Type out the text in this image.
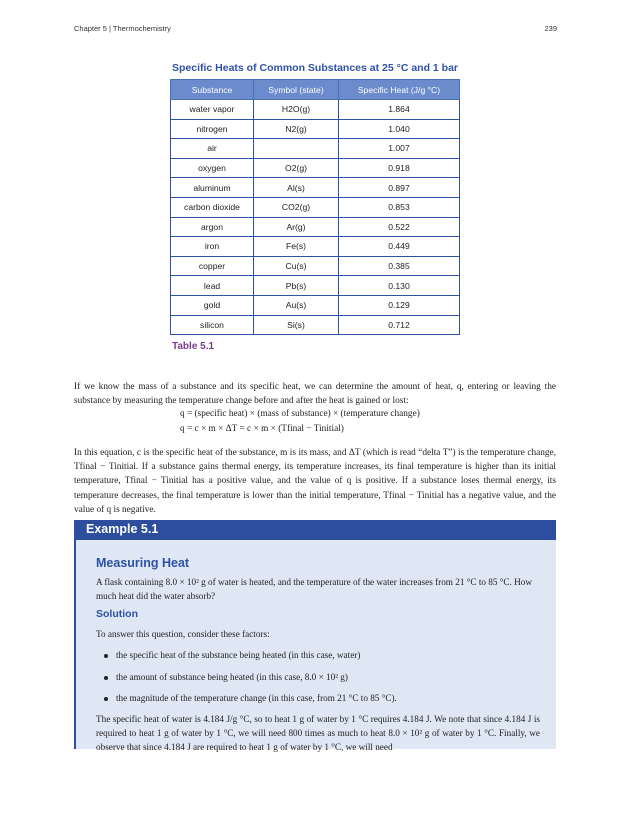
Chapter 5 | Thermochemistry	239
Specific Heats of Common Substances at 25 °C and 1 bar
Substance	Symbol (state)	Specific Heat (J/g °C)
water vapor	H2O(g)	1.864
nitrogen	N2(g)	1.040
air		1.007
oxygen	O2(g)	0.918
aluminum	Al(s)	0.897
carbon dioxide	CO2(g)	0.853
argon	Ar(g)	0.522
iron	Fe(s)	0.449
copper	Cu(s)	0.385
lead	Pb(s)	0.130
gold	Au(s)	0.129
silicon	Si(s)	0.712
Table 5.1
If we know the mass of a substance and its specific heat, we can determine the amount of heat, q, entering or leaving the substance by measuring the temperature change before and after the heat is gained or lost:
q = (specific heat) × (mass of substance) × (temperature change)
q = c × m × ΔT = c × m × (Tfinal − Tinitial)
In this equation, c is the specific heat of the substance, m is its mass, and ΔT (which is read “delta T”) is the temperature change, Tfinal − Tinitial. If a substance gains thermal energy, its temperature increases, its final temperature is higher than its initial temperature, Tfinal − Tinitial has a positive value, and the value of q is positive. If a substance loses thermal energy, its temperature decreases, the final temperature is lower than the initial temperature, Tfinal − Tinitial has a negative value, and the value of q is negative.
Example 5.1
Measuring Heat
A flask containing 8.0 × 10² g of water is heated, and the temperature of the water increases from 21 °C to 85 °C. How much heat did the water absorb?
Solution
To answer this question, consider these factors:
the specific heat of the substance being heated (in this case, water)
the amount of substance being heated (in this case, 8.0 × 10² g)
the magnitude of the temperature change (in this case, from 21 °C to 85 °C).
The specific heat of water is 4.184 J/g °C, so to heat 1 g of water by 1 °C requires 4.184 J. We note that since 4.184 J is required to heat 1 g of water by 1 °C, we will need 800 times as much to heat 8.0 × 10² g of water by 1 °C. Finally, we observe that since 4.184 J are required to heat 1 g of water by 1 °C, we will need
